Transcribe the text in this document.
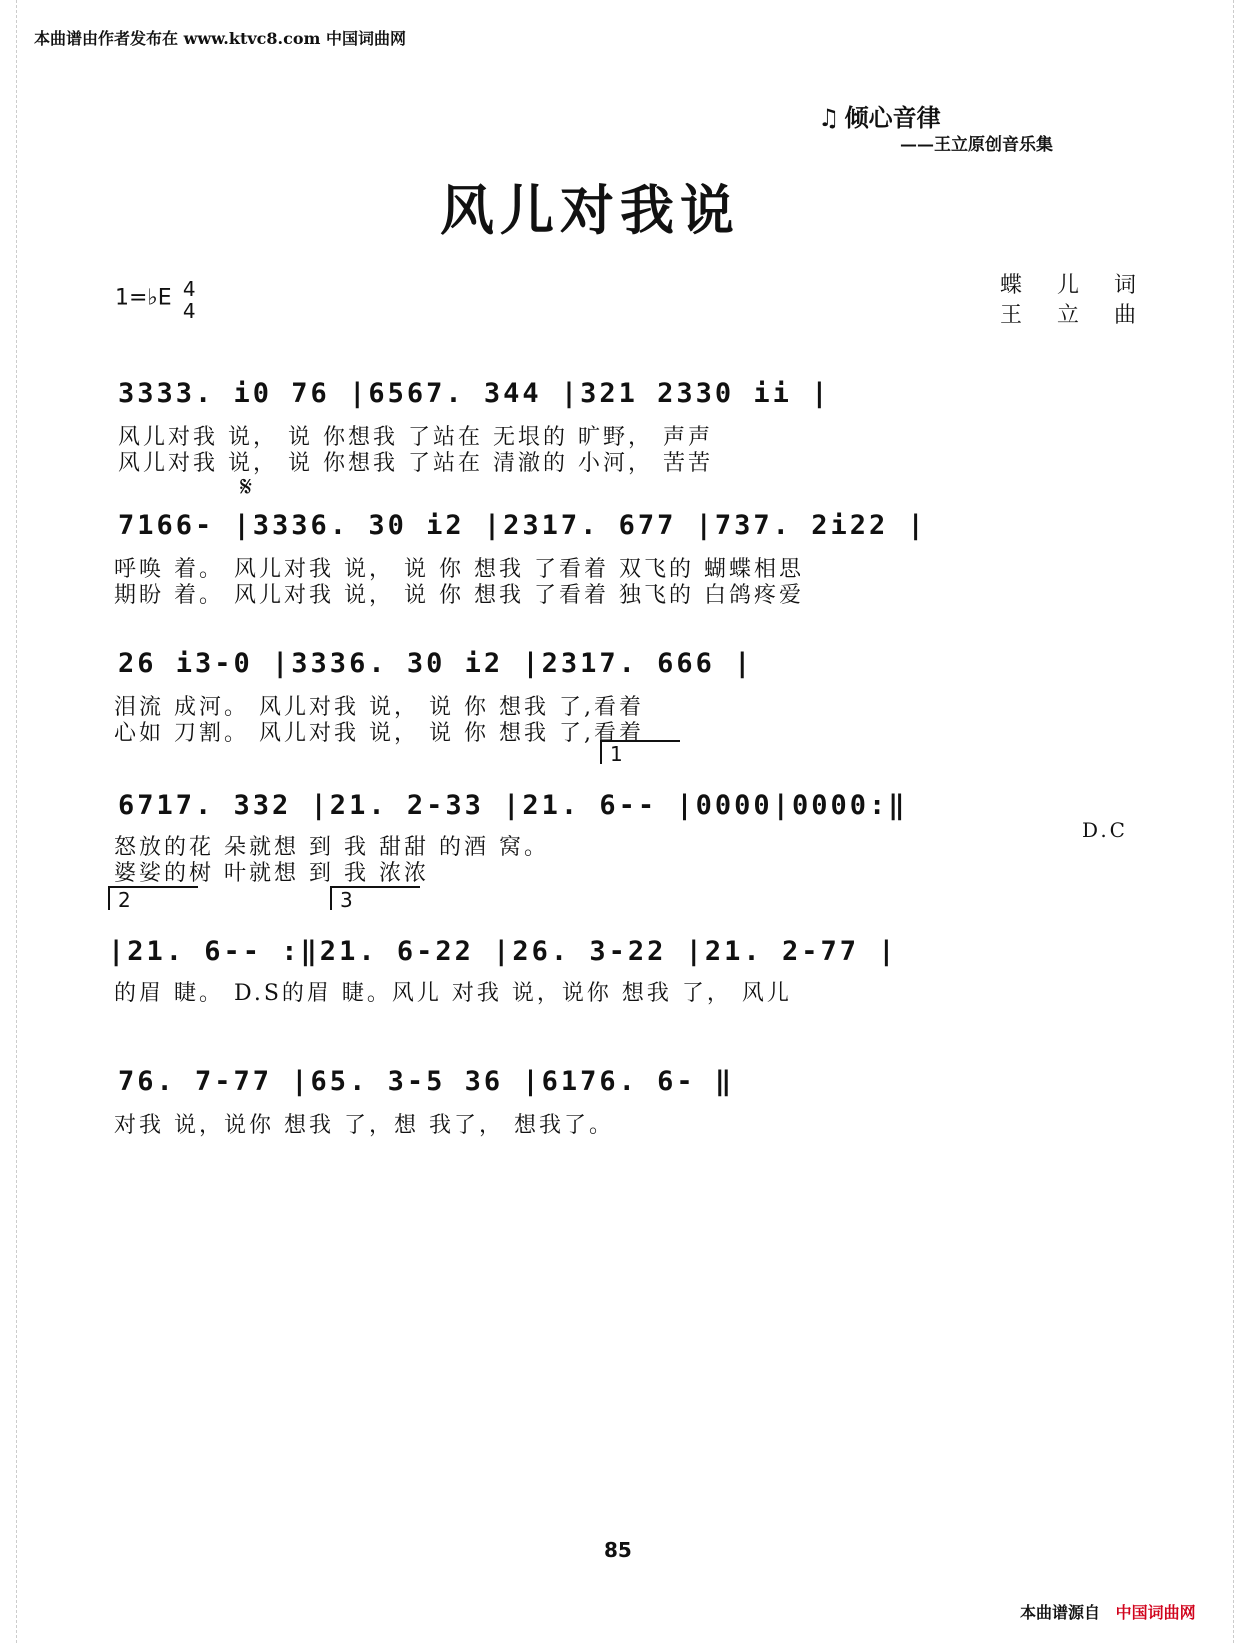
本曲谱由作者发布在 www.ktvc8.com 中国词曲网
♫ 倾心音律
——王立原创音乐集
风儿对我说
蝶 儿 词
王 立 曲
1=♭E 4
4
3333. i0 76 |6567. 344 |321 2330 ii |
风儿对我 说， 说 你想我 了站在 无垠的 旷野， 声声
风儿对我 说， 说 你想我 了站在 清澈的 小河， 苦苦
𝄋
7166- |3336. 30 i2 |2317. 677 |737. 2i22 |
呼唤 着。 风儿对我 说， 说 你 想我 了看着 双飞的 蝴蝶相思
期盼 着。 风儿对我 说， 说 你 想我 了看着 独飞的 白鸽疼爱
26 i3-0 |3336. 30 i2 |2317. 666 |
泪流 成河。 风儿对我 说， 说 你 想我 了,看着
心如 刀割。 风儿对我 说， 说 你 想我 了,看着
1
6717. 332 |21. 2-33 |21. 6-- |0000|0000:‖
怒放的花 朵就想 到 我 甜甜 的酒 窝。
婆娑的树 叶就想 到 我 浓浓
D.C
2	3
|21. 6-- :‖21. 6-22 |26. 3-22 |21. 2-77 |
的眉 睫。 D.S的眉 睫。风儿 对我 说，说你 想我 了， 风儿
76. 7-77 |65. 3-5 36 |6176. 6- ‖
对我 说，说你 想我 了，想 我了， 想我了。
85
本曲谱源自 中国词曲网
